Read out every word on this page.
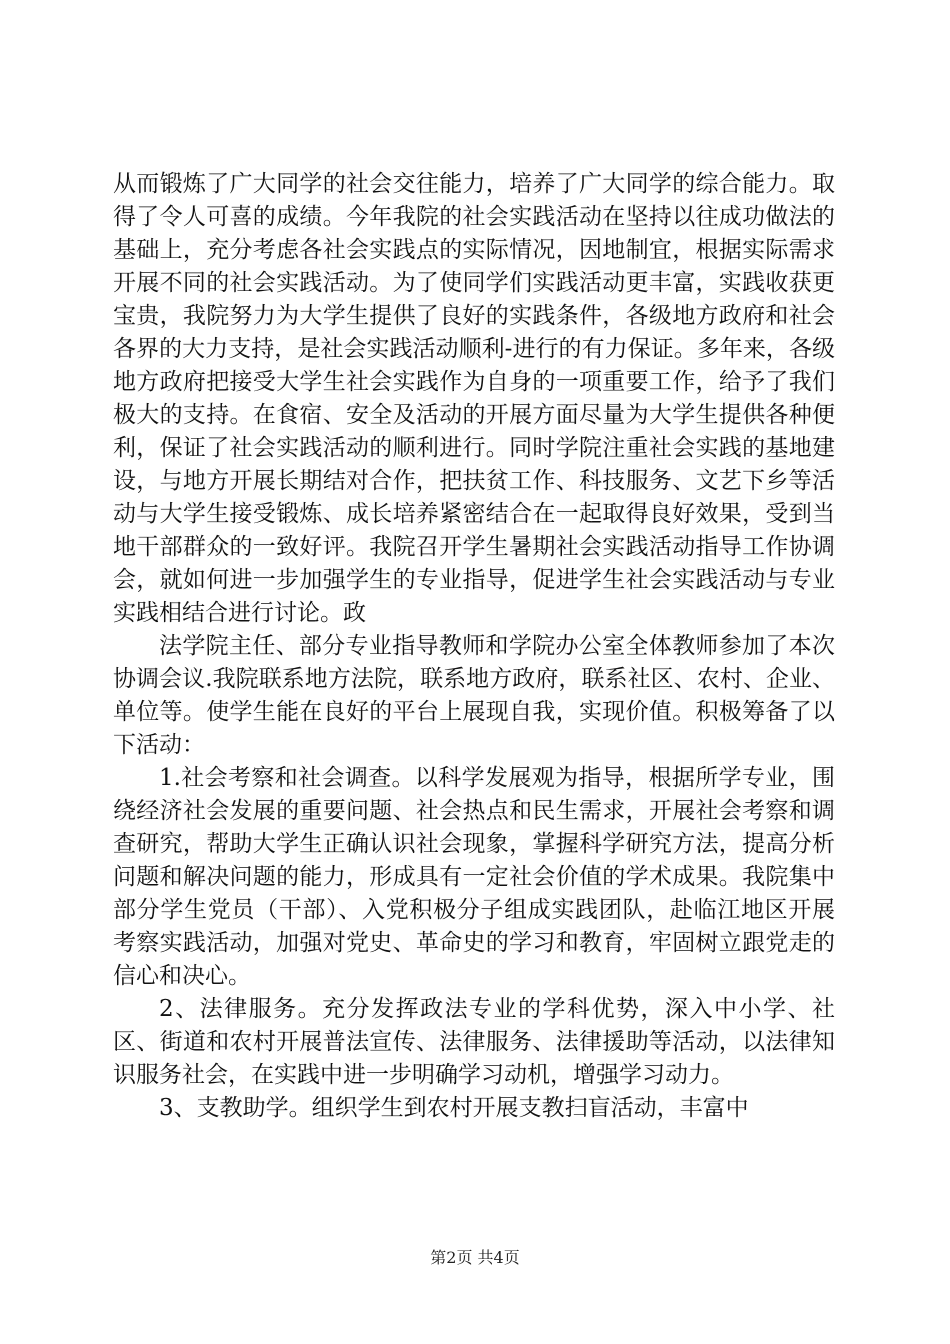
从而锻炼了广大同学的社会交往能力，培养了广大同学的综合能力。取得了令人可喜的成绩。今年我院的社会实践活动在坚持以往成功做法的基础上，充分考虑各社会实践点的实际情况，因地制宜，根据实际需求开展不同的社会实践活动。为了使同学们实践活动更丰富，实践收获更宝贵，我院努力为大学生提供了良好的实践条件，各级地方政府和社会各界的大力支持，是社会实践活动顺利-进行的有力保证。多年来，各级地方政府把接受大学生社会实践作为自身的一项重要工作，给予了我们极大的支持。在食宿、安全及活动的开展方面尽量为大学生提供各种便利，保证了社会实践活动的顺利进行。同时学院注重社会实践的基地建设，与地方开展长期结对合作，把扶贫工作、科技服务、文艺下乡等活动与大学生接受锻炼、成长培养紧密结合在一起取得良好效果，受到当地干部群众的一致好评。我院召开学生暑期社会实践活动指导工作协调会，就如何进一步加强学生的专业指导，促进学生社会实践活动与专业实践相结合进行讨论。政

法学院主任、部分专业指导教师和学院办公室全体教师参加了本次协调会议.我院联系地方法院，联系地方政府，联系社区、农村、企业、单位等。使学生能在良好的平台上展现自我，实现价值。积极筹备了以下活动：

1.社会考察和社会调查。以科学发展观为指导，根据所学专业，围绕经济社会发展的重要问题、社会热点和民生需求，开展社会考察和调查研究，帮助大学生正确认识社会现象，掌握科学研究方法，提高分析问题和解决问题的能力，形成具有一定社会价值的学术成果。我院集中部分学生党员（干部）、入党积极分子组成实践团队，赴临江地区开展考察实践活动，加强对党史、革命史的学习和教育，牢固树立跟党走的信心和决心。

2、法律服务。充分发挥政法专业的学科优势，深入中小学、社区、街道和农村开展普法宣传、法律服务、法律援助等活动，以法律知识服务社会，在实践中进一步明确学习动机，增强学习动力。

3、支教助学。组织学生到农村开展支教扫盲活动，丰富中

第2页 共4页
